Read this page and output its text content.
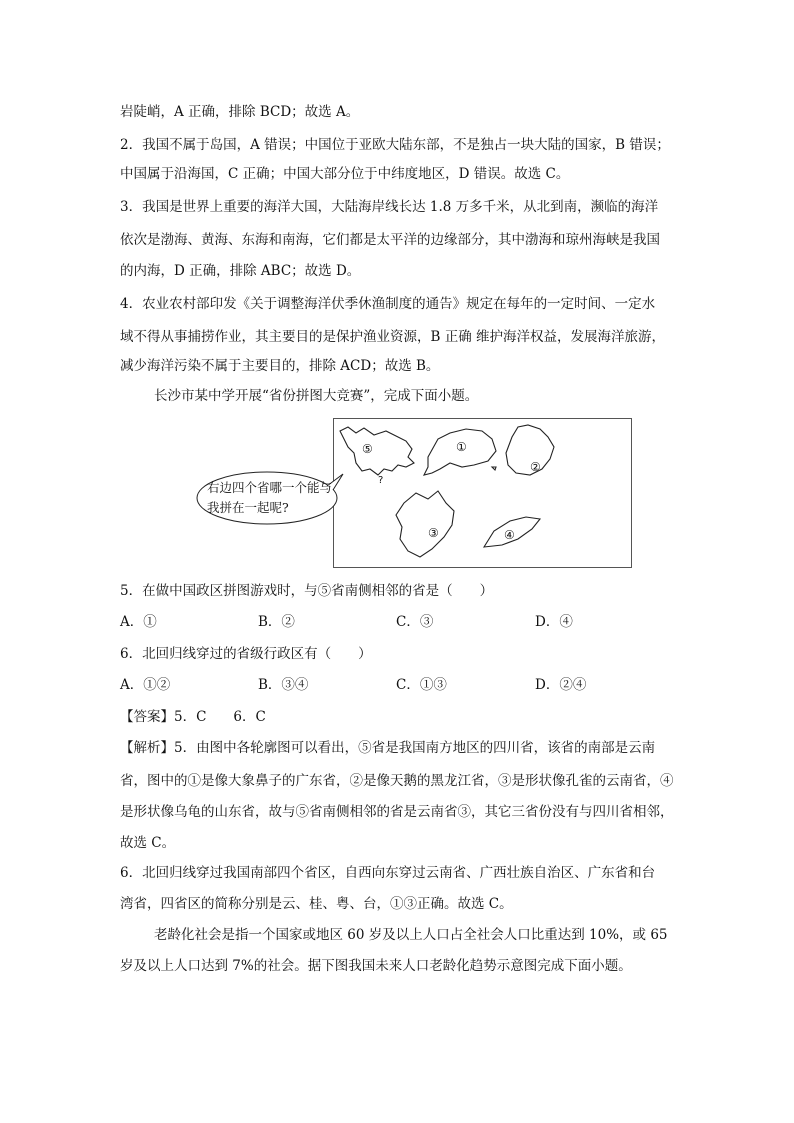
岩陡峭，A 正确，排除 BCD；故选 A。
2．我国不属于岛国，A 错误；中国位于亚欧大陆东部，不是独占一块大陆的国家，B 错误；
中国属于沿海国，C 正确；中国大部分位于中纬度地区，D 错误。故选 C。
3．我国是世界上重要的海洋大国，大陆海岸线长达 1.8 万多千米，从北到南，濒临的海洋
依次是渤海、黄海、东海和南海，它们都是太平洋的边缘部分，其中渤海和琼州海峡是我国
的内海，D 正确，排除 ABC；故选 D。
4．农业农村部印发《关于调整海洋伏季休渔制度的通告》规定在每年的一定时间、一定水
域不得从事捕捞作业，其主要目的是保护渔业资源，B 正确 维护海洋权益，发展海洋旅游，
减少海洋污染不属于主要目的，排除 ACD；故选 B。
长沙市某中学开展“省份拼图大竞赛”，完成下面小题。
⑤	①
②
③	④
?
右边四个省哪一个能与我拼在一起呢?
5．在做中国政区拼图游戏时，与⑤省南侧相邻的省是（　　）
A．①	B．②	C．③	D．④
6．北回归线穿过的省级行政区有（　　）
A．①②	B．③④	C．①③	D．②④
【答案】5．C　　6．C
【解析】5．由图中各轮廓图可以看出，⑤省是我国南方地区的四川省，该省的南部是云南
省，图中的①是像大象鼻子的广东省，②是像天鹅的黑龙江省，③是形状像孔雀的云南省，④
是形状像乌龟的山东省，故与⑤省南侧相邻的省是云南省③，其它三省份没有与四川省相邻，
故选 C。
6．北回归线穿过我国南部四个省区，自西向东穿过云南省、广西壮族自治区、广东省和台
湾省，四省区的简称分别是云、桂、粤、台，①③正确。故选 C。
老龄化社会是指一个国家或地区 60 岁及以上人口占全社会人口比重达到 10%，或 65
岁及以上人口达到 7%的社会。据下图我国未来人口老龄化趋势示意图完成下面小题。
